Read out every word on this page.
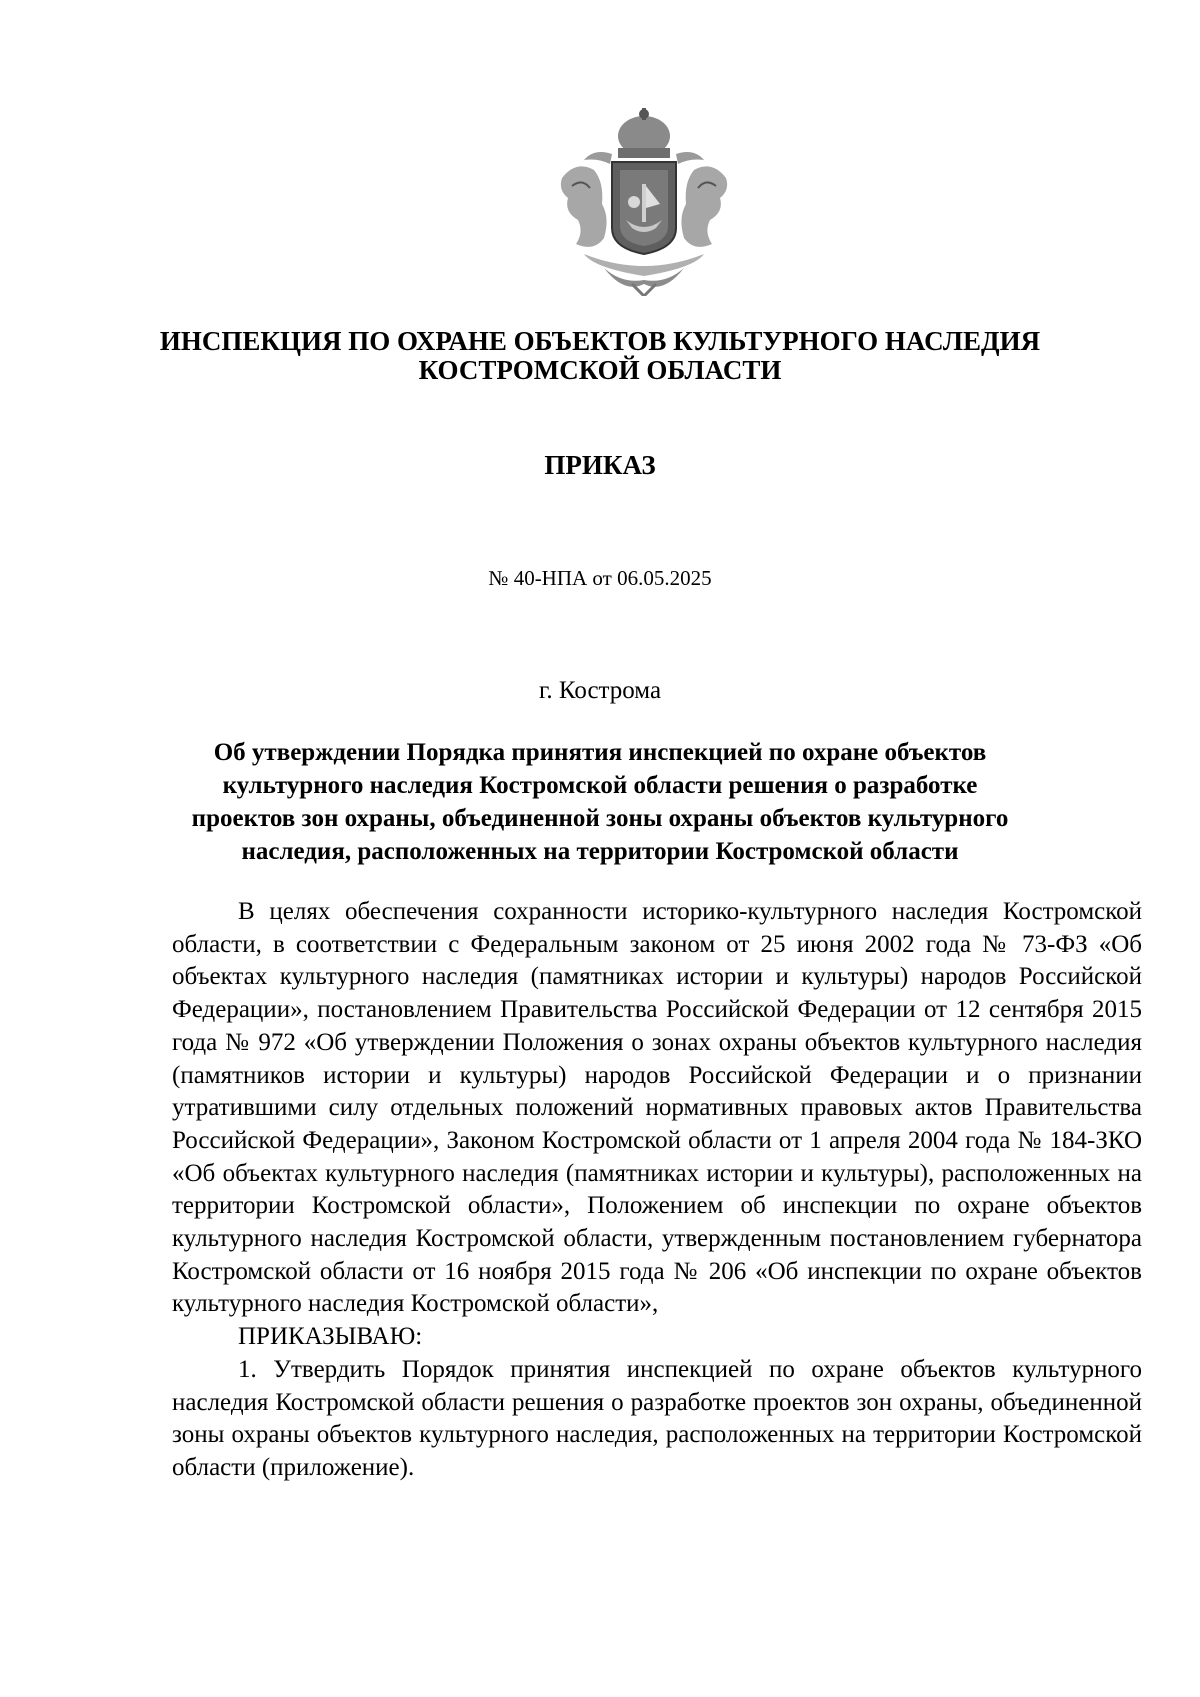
ИНСПЕКЦИЯ ПО ОХРАНЕ ОБЪЕКТОВ КУЛЬТУРНОГО НАСЛЕДИЯ
КОСТРОМСКОЙ ОБЛАСТИ
ПРИКАЗ
№ 40-НПА от 06.05.2025
г. Кострома
Об утверждении Порядка принятия инспекцией по охране объектов культурного наследия Костромской области решения о разработке проектов зон охраны, объединенной зоны охраны объектов культурного наследия, расположенных на территории Костромской области

В целях обеспечения сохранности историко-культурного наследия Костромской области, в соответствии с Федеральным законом от 25 июня 2002 года № 73-ФЗ «Об объектах культурного наследия (памятниках истории и культуры) народов Российской Федерации», постановлением Правительства Российской Федерации от 12 сентября 2015 года № 972 «Об утверждении Положения о зонах охраны объектов культурного наследия (памятников истории и культуры) народов Российской Федерации и о признании утратившими силу отдельных положений нормативных правовых актов Правительства Российской Федерации», Законом Костромской области от 1 апреля 2004 года № 184-ЗКО «Об объектах культурного наследия (памятниках истории и культуры), расположенных на территории Костромской области», Положением об инспекции по охране объектов культурного наследия Костромской области, утвержденным постановлением губернатора Костромской области от 16 ноября 2015 года № 206 «Об инспекции по охране объектов культурного наследия Костромской области»,

ПРИКАЗЫВАЮ:

1. Утвердить Порядок принятия инспекцией по охране объектов культурного наследия Костромской области решения о разработке проектов зон охраны, объединенной зоны охраны объектов культурного наследия, расположенных на территории Костромской области (приложение).
